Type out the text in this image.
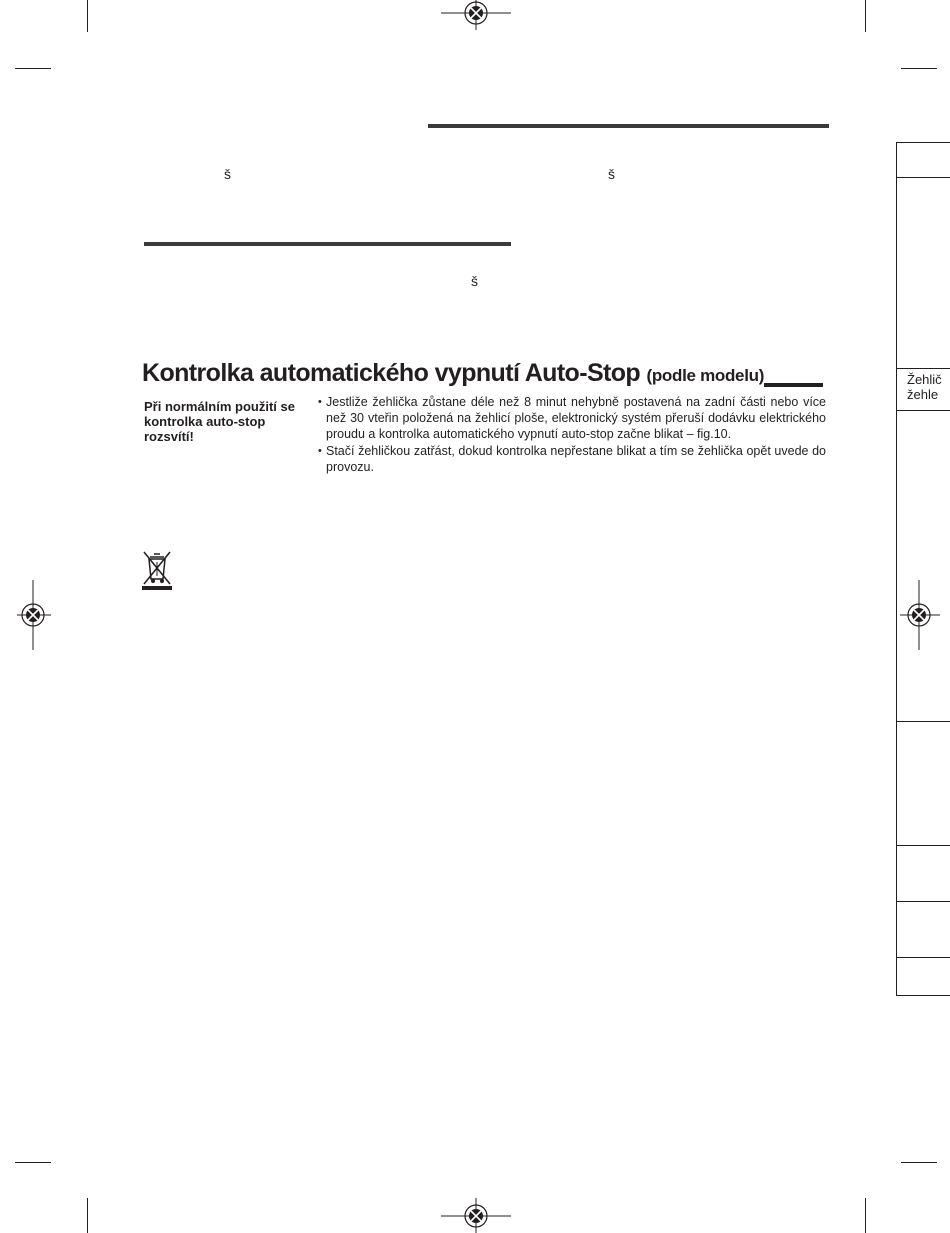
š	š
š
Kontrolka automatického vypnutí Auto-Stop (podle modelu)
Při normálním použití se kontrolka auto-stop rozsvítí!
• Jestliže žehlička zůstane déle než 8 minut nehybně postavená na zadní části nebo více než 30 vteřin položená na žehlicí ploše, elektronický systém přeruší dodávku elektrického proudu a kontrolka automatického vypnutí auto-stop začne blikat – fig.10.
• Stačí žehličkou zatřást, dokud kontrolka nepřestane blikat a tím se žehlička opět uvede do provozu.
Žehlič
žehle
